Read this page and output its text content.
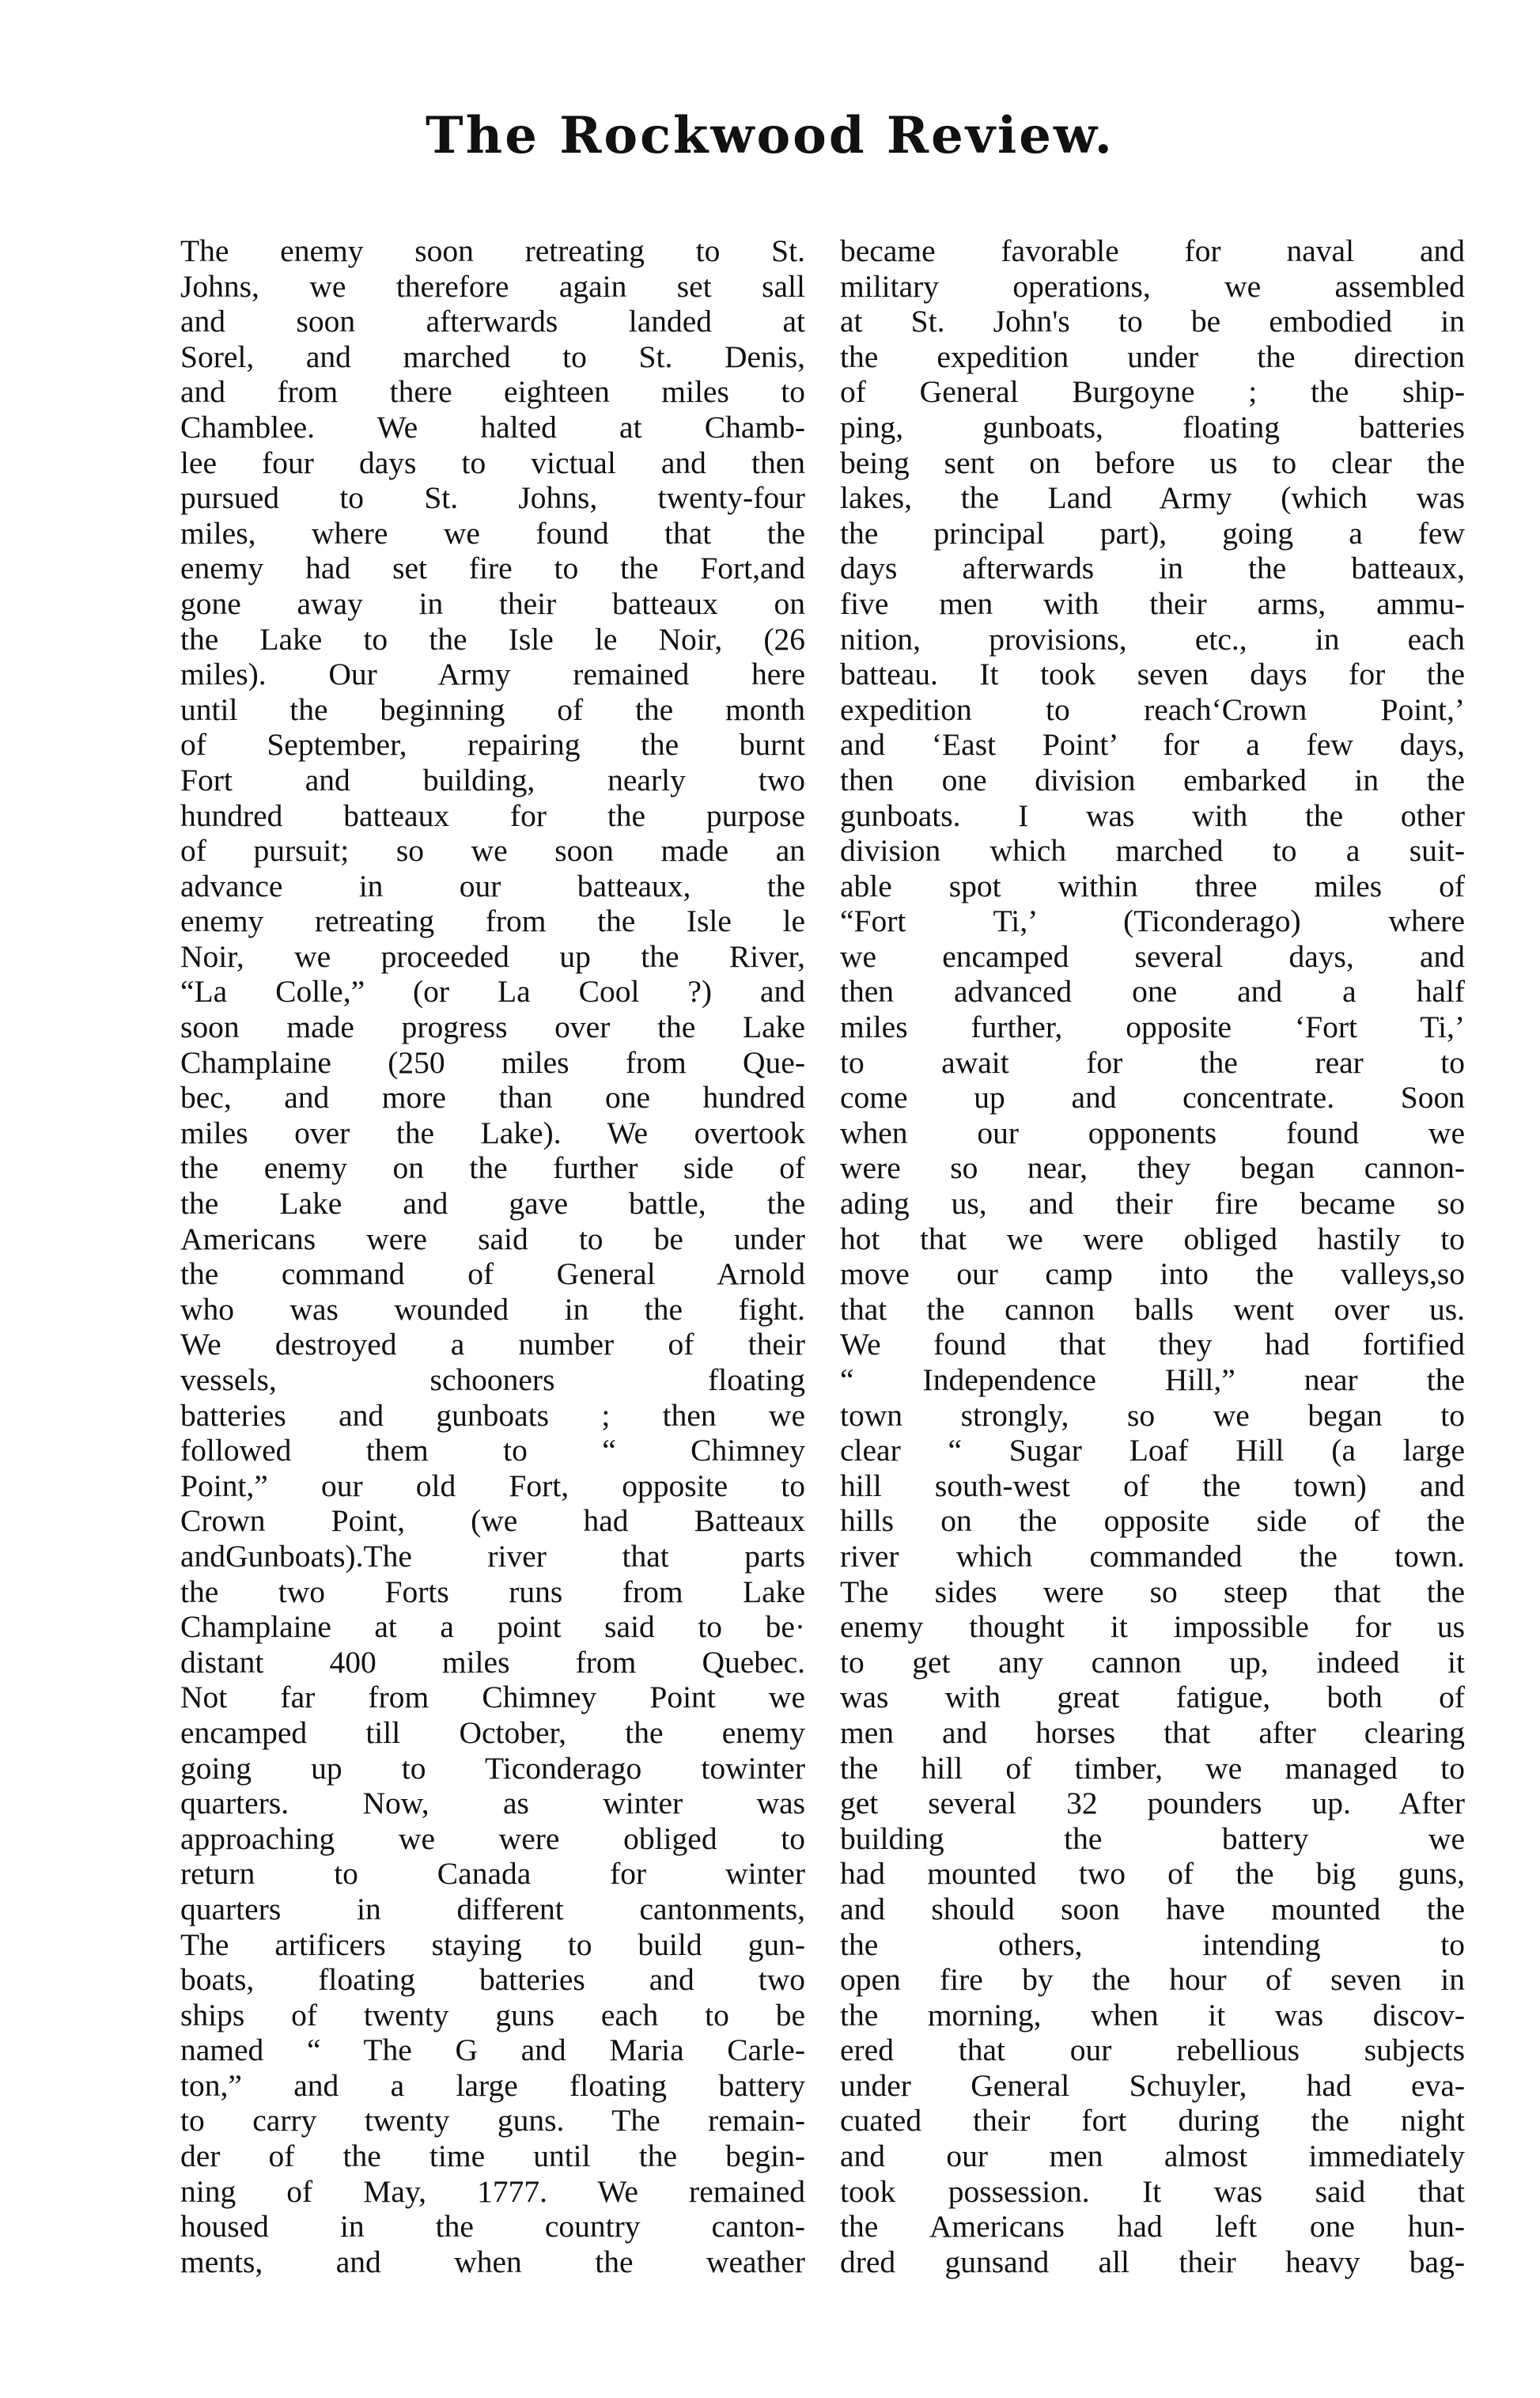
The Rockwood Review.
The enemy soon retreating to St.
Johns, we therefore again set sall
and soon afterwards landed at
Sorel, and marched to St. Denis,
and from there eighteen miles to
Chamblee. We halted at Chamb-
lee four days to victual and then
pursued to St. Johns, twenty-four
miles, where we found that the
enemy had set fire to the Fort,and
gone away in their batteaux on
the Lake to the Isle le Noir, (26
miles). Our Army remained here
until the beginning of the month
of September, repairing the burnt
Fort and building, nearly two
hundred batteaux for the purpose
of pursuit; so we soon made an
advance in our batteaux, the
enemy retreating from the Isle le
Noir, we proceeded up the River,
“La Colle,” (or La Cool ?) and
soon made progress over the Lake
Champlaine (250 miles from Que-
bec, and more than one hundred
miles over the Lake). We overtook
the enemy on the further side of
the Lake and gave battle, the
Americans were said to be under
the command of General Arnold
who was wounded in the fight.
We destroyed a number of their
vessels, schooners floating
batteries and gunboats ; then we
followed them to “ Chimney
Point,” our old Fort, opposite to
Crown Point, (we had Batteaux
andGunboats).The river that parts
the two Forts runs from Lake
Champlaine at a point said to be·
distant 400 miles from Quebec.
Not far from Chimney Point we
encamped till October, the enemy
going up to Ticonderago towinter
quarters. Now, as winter was
approaching we were obliged to
return to Canada for winter
quarters in different cantonments,
The artificers staying to build gun-
boats, floating batteries and two
ships of twenty guns each to be
named “ The G and Maria Carle-
ton,” and a large floating battery
to carry twenty guns. The remain-
der of the time until the begin-
ning of May, 1777. We remained
housed in the country canton-
ments, and when the weather
became favorable for naval and
military operations, we assembled
at St. John's to be embodied in
the expedition under the direction
of General Burgoyne ; the ship-
ping, gunboats, floating batteries
being sent on before us to clear the
lakes, the Land Army (which was
the principal part), going a few
days afterwards in the batteaux,
five men with their arms, ammu-
nition, provisions, etc., in each
batteau. It took seven days for the
expedition to reach‘Crown Point,’
and ‘East Point’ for a few days,
then one division embarked in the
gunboats. I was with the other
division which marched to a suit-
able spot within three miles of
“Fort Ti,’ (Ticonderago) where
we encamped several days, and
then advanced one and a half
miles further, opposite ‘Fort Ti,’
to await for the rear to
come up and concentrate. Soon
when our opponents found we
were so near, they began cannon-
ading us, and their fire became so
hot that we were obliged hastily to
move our camp into the valleys,so
that the cannon balls went over us.
We found that they had fortified
“ Independence Hill,” near the
town strongly, so we began to
clear “ Sugar Loaf Hill (a large
hill south-west of the town) and
hills on the opposite side of the
river which commanded the town.
The sides were so steep that the
enemy thought it impossible for us
to get any cannon up, indeed it
was with great fatigue, both of
men and horses that after clearing
the hill of timber, we managed to
get several 32 pounders up. After
building the battery we
had mounted two of the big guns,
and should soon have mounted the
the others, intending to
open fire by the hour of seven in
the morning, when it was discov-
ered that our rebellious subjects
under General Schuyler, had eva-
cuated their fort during the night
and our men almost immediately
took possession. It was said that
the Americans had left one hun-
dred gunsand all their heavy bag-
